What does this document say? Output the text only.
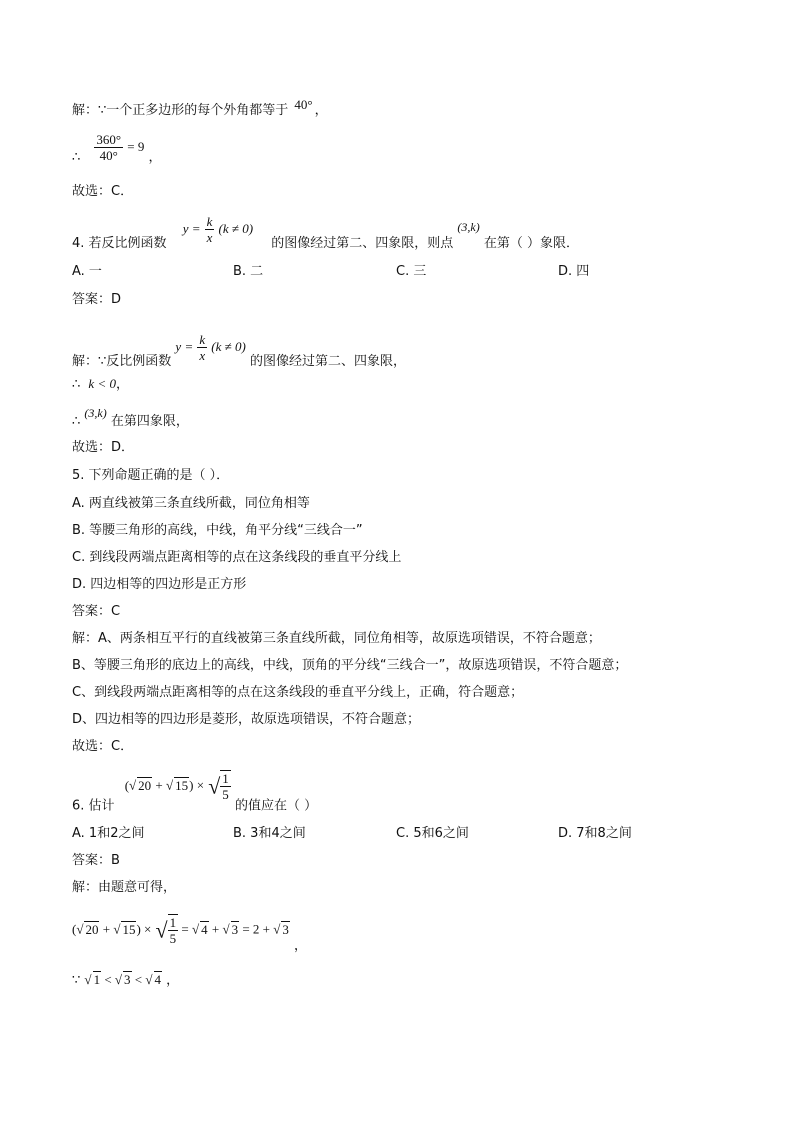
解：∵一个正多边形的每个外角都等于 40° ，
∴ $\frac{360^\circ}{40^\circ} = 9$ ，
故选：C．
4. 若反比例函数 $y = \frac{k}{x} (k \ne 0)$ 的图像经过第二、四象限，则点 (3,k) 在第（ ）象限．
A. 一	B. 二	C. 三	D. 四
答案：D
解：∵反比例函数 $y = \frac{k}{x} (k \ne 0)$ 的图像经过第二、四象限，
∴ k < 0，
∴ (3,k) 在第四象限，
故选：D．
5. 下列命题正确的是（ ）．
A. 两直线被第三条直线所截，同位角相等
B. 等腰三角形的高线，中线，角平分线“三线合一”
C. 到线段两端点距离相等的点在这条线段的垂直平分线上
D. 四边相等的四边形是正方形
答案：C
解：A、两条相互平行的直线被第三条直线所截，同位角相等，故原选项错误，不符合题意；
B、等腰三角形的底边上的高线，中线，顶角的平分线“三线合一”，故原选项错误，不符合题意；
C、到线段两端点距离相等的点在这条线段的垂直平分线上，正确，符合题意；
D、四边相等的四边形是菱形，故原选项错误，不符合题意；
故选：C．
6. 估计 (√ 20 + √ 15) × √ $\frac{1}{5}$
的值应在（ ）
A. 1和2之间	B. 3和4之间	C. 5和6之间	D. 7和8之间
答案：B
解：由题意可得，
(√ 20 + √ 15) × √ $\frac{1}{5}$ = √ 4 + √ 3 = 2 + √ 3 ，
∵ √ 1 < √ 3 < √ 4 ，
